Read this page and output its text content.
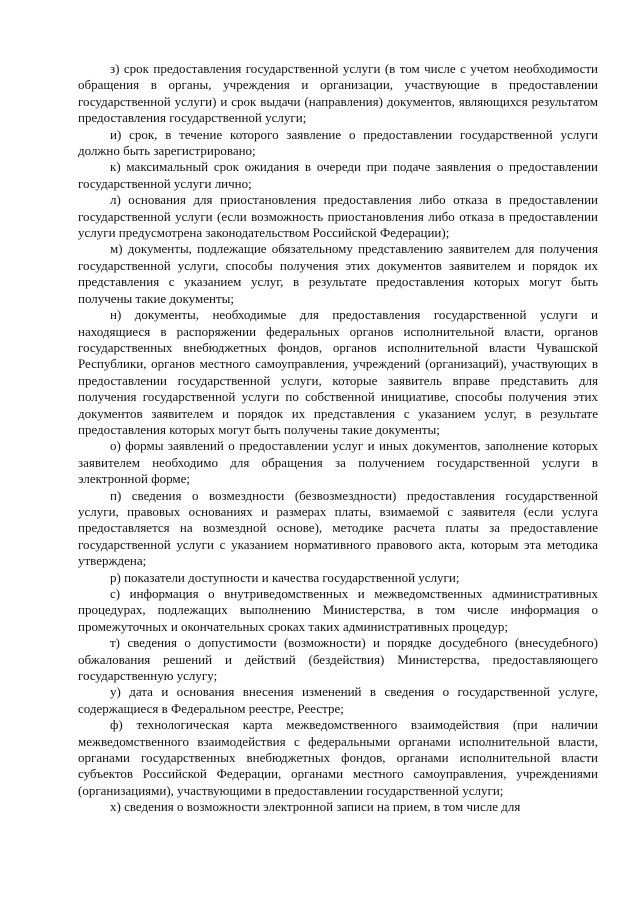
з) срок предоставления государственной услуги (в том числе с учетом необходимости обращения в органы, учреждения и организации, участвующие в предоставлении государственной услуги) и срок выдачи (направления) документов, являющихся результатом предоставления государственной услуги;

и) срок, в течение которого заявление о предоставлении государственной услуги должно быть зарегистрировано;

к) максимальный срок ожидания в очереди при подаче заявления о предоставлении государственной услуги лично;

л) основания для приостановления предоставления либо отказа в предоставлении государственной услуги (если возможность приостановления либо отказа в предоставлении услуги предусмотрена законодательством Российской Федерации);

м) документы, подлежащие обязательному представлению заявителем для получения государственной услуги, способы получения этих документов заявителем и порядок их представления с указанием услуг, в результате предоставления которых могут быть получены такие документы;

н) документы, необходимые для предоставления государственной услуги и находящиеся в распоряжении федеральных органов исполнительной власти, органов государственных внебюджетных фондов, органов исполнительной власти Чувашской Республики, органов местного самоуправления, учреждений (организаций), участвующих в предоставлении государственной услуги, которые заявитель вправе представить для получения государственной услуги по собственной инициативе, способы получения этих документов заявителем и порядок их представления с указанием услуг, в результате предоставления которых могут быть получены такие документы;

о) формы заявлений о предоставлении услуг и иных документов, заполнение которых заявителем необходимо для обращения за получением государственной услуги в электронной форме;

п) сведения о возмездности (безвозмездности) предоставления государственной услуги, правовых основаниях и размерах платы, взимаемой с заявителя (если услуга предоставляется на возмездной основе), методике расчета платы за предоставление государственной услуги с указанием нормативного правового акта, которым эта методика утверждена;

р) показатели доступности и качества государственной услуги;

с) информация о внутриведомственных и межведомственных административных процедурах, подлежащих выполнению Министерства, в том числе информация о промежуточных и окончательных сроках таких административных процедур;

т) сведения о допустимости (возможности) и порядке досудебного (внесудебного) обжалования решений и действий (бездействия) Министерства, предоставляющего государственную услугу;

у) дата и основания внесения изменений в сведения о государственной услуге, содержащиеся в Федеральном реестре, Реестре;

ф) технологическая карта межведомственного взаимодействия (при наличии межведомственного взаимодействия с федеральными органами исполнительной власти, органами государственных внебюджетных фондов, органами исполнительной власти субъектов Российской Федерации, органами местного самоуправления, учреждениями (организациями), участвующими в предоставлении государственной услуги;

х) сведения о возможности электронной записи на прием, в том числе для
